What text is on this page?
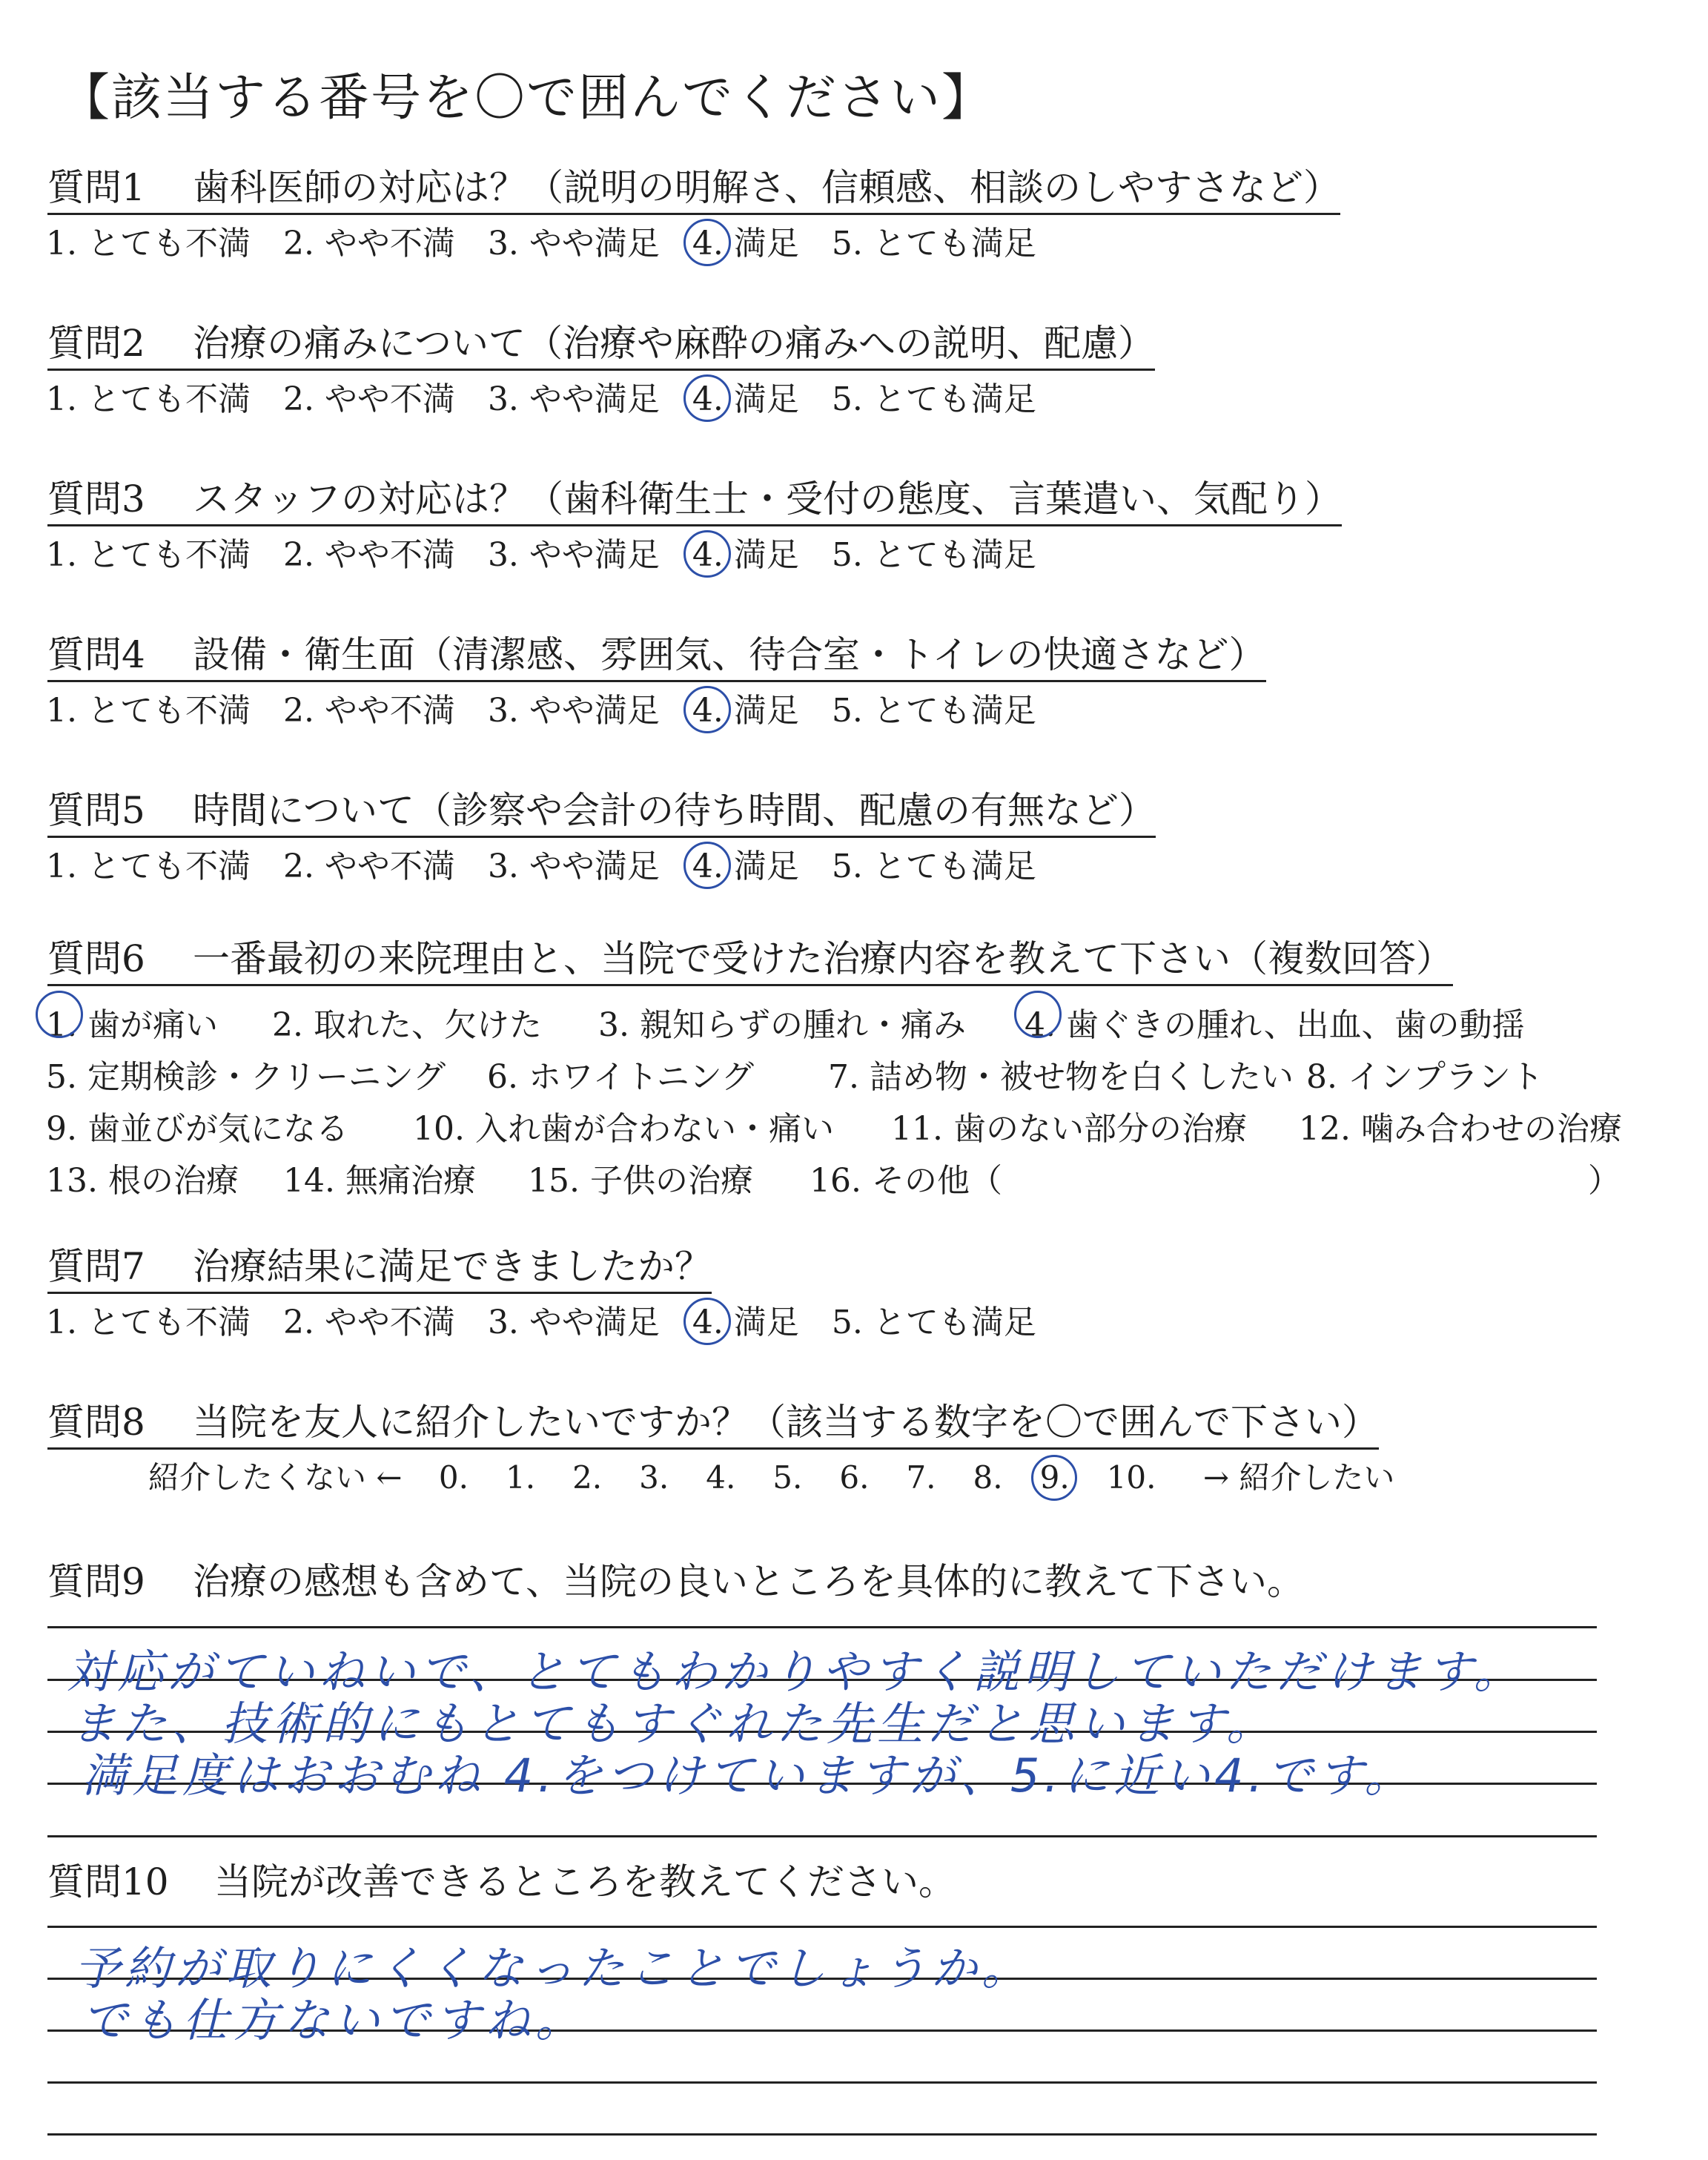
【該当する番号を〇で囲んでください】
質問1 歯科医師の対応は？（説明の明解さ、信頼感、相談のしやすさなど）
1. とても不満 2. やや不満 3. やや満足 4. 満足 5. とても満足
質問2 治療の痛みについて（治療や麻酔の痛みへの説明、配慮）
1. とても不満 2. やや不満 3. やや満足 4. 満足 5. とても満足
質問3 スタッフの対応は？（歯科衛生士・受付の態度、言葉遣い、気配り）
1. とても不満 2. やや不満 3. やや満足 4. 満足 5. とても満足
質問4 設備・衛生面（清潔感、雰囲気、待合室・トイレの快適さなど）
1. とても不満 2. やや不満 3. やや満足 4. 満足 5. とても満足
質問5 時間について（診察や会計の待ち時間、配慮の有無など）
1. とても不満 2. やや不満 3. やや満足 4. 満足 5. とても満足
質問6 一番最初の来院理由と、当院で受けた治療内容を教えて下さい（複数回答）
1. 歯が痛い 2. 取れた、欠けた 3. 親知らずの腫れ・痛み 4. 歯ぐきの腫れ、出血、歯の動揺
5. 定期検診・クリーニング 6. ホワイトニング 7. 詰め物・被せ物を白くしたい 8. インプラント
9. 歯並びが気になる 10. 入れ歯が合わない・痛い 11. 歯のない部分の治療 12. 噛み合わせの治療
13. 根の治療 14. 無痛治療 15. 子供の治療 16. その他（	）
質問7 治療結果に満足できましたか？
1. とても不満 2. やや不満 3. やや満足 4. 満足 5. とても満足
質問8 当院を友人に紹介したいですか？（該当する数字を〇で囲んで下さい）
紹介したくない ← 0. 1. 2. 3. 4. 5. 6. 7. 8. 9. 10. → 紹介したい
質問9 治療の感想も含めて、当院の良いところを具体的に教えて下さい。
対応がていねいで、とてもわかりやすく説明していただけます。
また、技術的にもとてもすぐれた先生だと思います。
満足度はおおむね 4.をつけていますが、5.に近い4.です。
質問10 当院が改善できるところを教えてください。
予約が取りにくくなったことでしょうか。
でも仕方ないですね。
